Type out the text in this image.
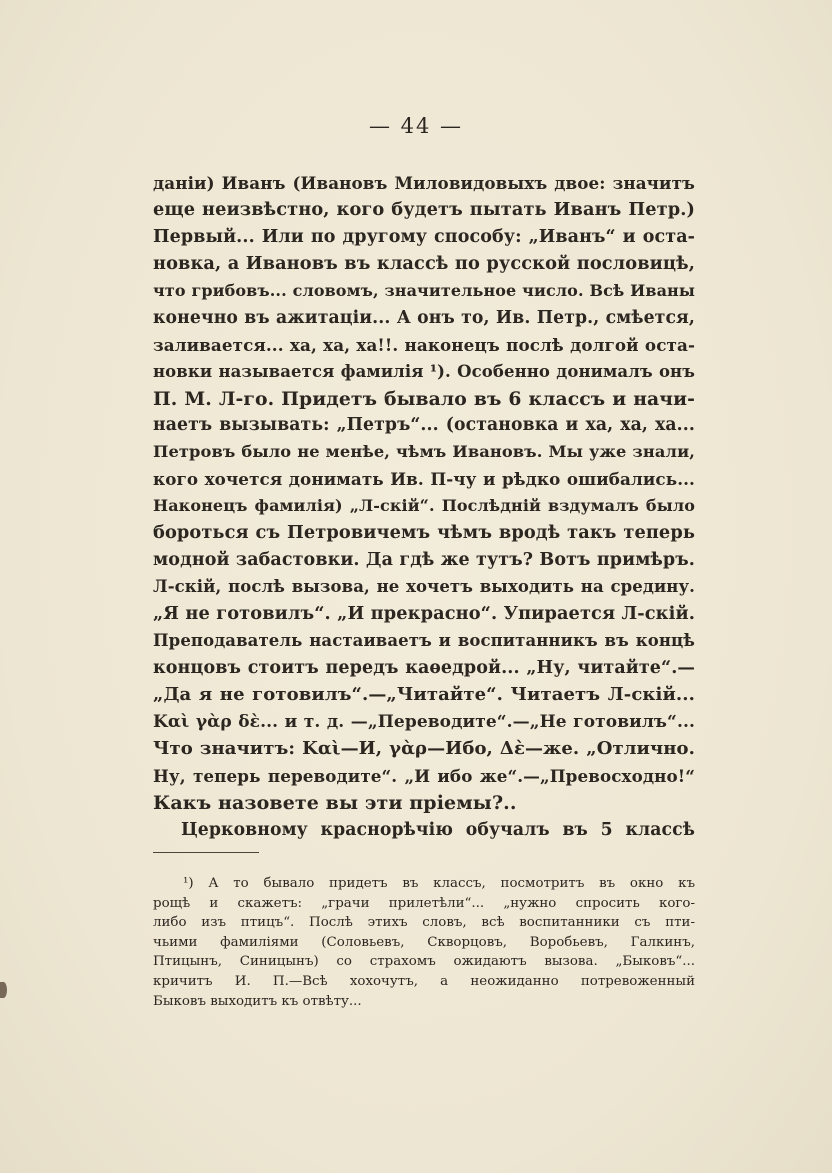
— 44 —
даніи) Иванъ (Ивановъ Миловидовыхъ двое: значитъ
еще неизвѣстно, кого будетъ пытать Иванъ Петр.)
Первый... Или по другому способу: „Иванъ“ и оста-
новка, а Ивановъ въ классѣ по русской пословицѣ,
что грибовъ... словомъ, значительное число. Всѣ Иваны
конечно въ ажитаціи... А онъ то, Ив. Петр., смѣется,
заливается... ха, ха, ха!!. наконецъ послѣ долгой оста-
новки называется фамилія ¹). Особенно донималъ онъ
П. М. Л-го. Придетъ бывало въ 6 классъ и начи-
наетъ вызывать: „Петръ“... (остановка и ха, ха, ха...
Петровъ было не менѣе, чѣмъ Ивановъ. Мы уже знали,
кого хочется донимать Ив. П-чу и рѣдко ошибались...
Наконецъ фамилія) „Л-скій“. Послѣдній вздумалъ было
бороться съ Петровичемъ чѣмъ вродѣ такъ теперь
модной забастовки. Да гдѣ же тутъ? Вотъ примѣръ.
Л-скій, послѣ вызова, не хочетъ выходить на средину.
„Я не готовилъ“. „И прекрасно“. Упирается Л-скій.
Преподаватель настаиваетъ и воспитанникъ въ концѣ
концовъ стоитъ передъ каѳедрой... „Ну, читайте“.—
„Да я не готовилъ“.—„Читайте“. Читаетъ Л-скій...
Καὶ γὰρ δὲ... и т. д. —„Переводите“.—„Не готовилъ“...
Что значитъ: Καὶ—И, γὰρ—Ибо, Δὲ—же. „Отлично.
Ну, теперь переводите“. „И ибо же“.—„Превосходно!“
Какъ назовете вы эти пріемы?..
Церковному краснорѣчію обучалъ въ 5 классѣ
¹) А то бывало придетъ въ классъ, посмотритъ въ окно къ
рощѣ и скажетъ: „грачи прилетѣли“... „нужно спросить кого-
либо изъ птицъ“. Послѣ этихъ словъ, всѣ воспитанники съ пти-
чьими фамиліями (Соловьевъ, Скворцовъ, Воробьевъ, Галкинъ,
Птицынъ, Синицынъ) со страхомъ ожидаютъ вызова. „Быковъ“...
кричитъ И. П.—Всѣ хохочутъ, а неожиданно потревоженный
Быковъ выходитъ къ отвѣту...
